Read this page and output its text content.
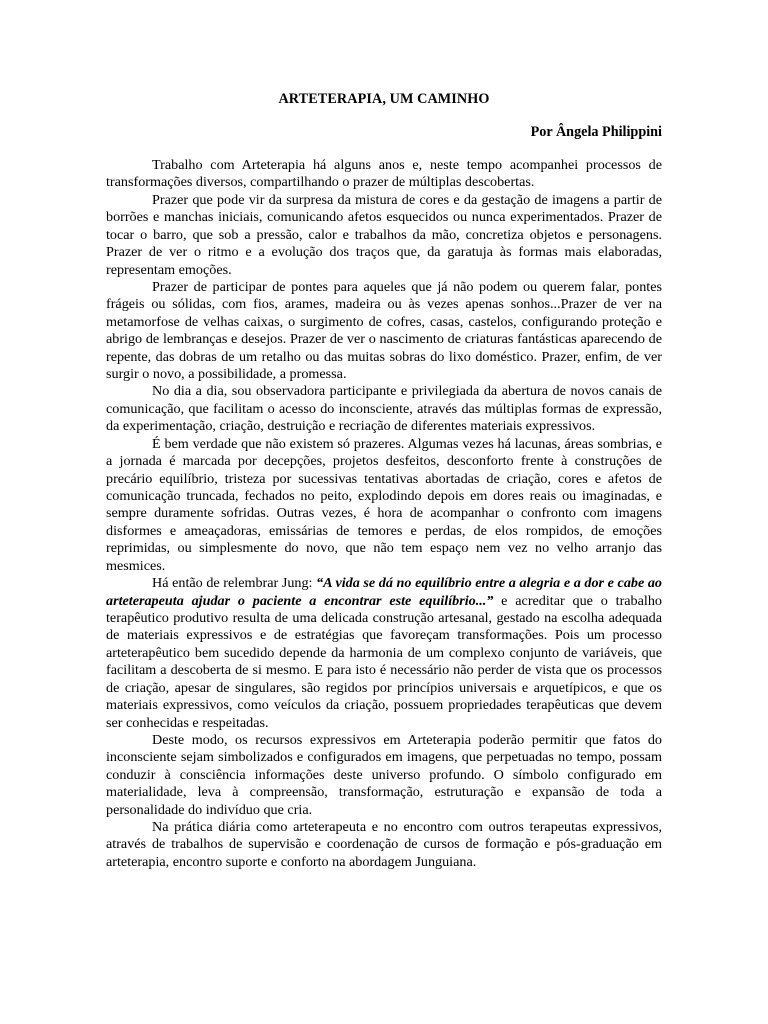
ARTETERAPIA, UM CAMINHO
Por Ângela Philippini

Trabalho com Arteterapia há alguns anos e, neste tempo acompanhei processos de transformações diversos, compartilhando o prazer de múltiplas descobertas.

Prazer que pode vir da surpresa da mistura de cores e da gestação de imagens a partir de borrões e manchas iniciais, comunicando afetos esquecidos ou nunca experimentados. Prazer de tocar o barro, que sob a pressão, calor e trabalhos da mão, concretiza objetos e personagens. Prazer de ver o ritmo e a evolução dos traços que, da garatuja às formas mais elaboradas, representam emoções.

Prazer de participar de pontes para aqueles que já não podem ou querem falar, pontes frágeis ou sólidas, com fios, arames, madeira ou às vezes apenas sonhos...Prazer de ver na metamorfose de velhas caixas, o surgimento de cofres, casas, castelos, configurando proteção e abrigo de lembranças e desejos. Prazer de ver o nascimento de criaturas fantásticas aparecendo de repente, das dobras de um retalho ou das muitas sobras do lixo doméstico. Prazer, enfim, de ver surgir o novo, a possibilidade, a promessa.

No dia a dia, sou observadora participante e privilegiada da abertura de novos canais de comunicação, que facilitam o acesso do inconsciente, através das múltiplas formas de expressão, da experimentação, criação, destruição e recriação de diferentes materiais expressivos.

É bem verdade que não existem só prazeres. Algumas vezes há lacunas, áreas sombrias, e a jornada é marcada por decepções, projetos desfeitos, desconforto frente à construções de precário equilíbrio, tristeza por sucessivas tentativas abortadas de criação, cores e afetos de comunicação truncada, fechados no peito, explodindo depois em dores reais ou imaginadas, e sempre duramente sofridas. Outras vezes, é hora de acompanhar o confronto com imagens disformes e ameaçadoras, emissárias de temores e perdas, de elos rompidos, de emoções reprimidas, ou simplesmente do novo, que não tem espaço nem vez no velho arranjo das mesmices.

Há então de relembrar Jung: “A vida se dá no equilíbrio entre a alegria e a dor e cabe ao arteterapeuta ajudar o paciente a encontrar este equilíbrio...” e acreditar que o trabalho terapêutico produtivo resulta de uma delicada construção artesanal, gestado na escolha adequada de materiais expressivos e de estratégias que favoreçam transformações. Pois um processo arteterapêutico bem sucedido depende da harmonia de um complexo conjunto de variáveis, que facilitam a descoberta de si mesmo. E para isto é necessário não perder de vista que os processos de criação, apesar de singulares, são regidos por princípios universais e arquetípicos, e que os materiais expressivos, como veículos da criação, possuem propriedades terapêuticas que devem ser conhecidas e respeitadas.

Deste modo, os recursos expressivos em Arteterapia poderão permitir que fatos do inconsciente sejam simbolizados e configurados em imagens, que perpetuadas no tempo, possam conduzir à consciência informações deste universo profundo. O símbolo configurado em materialidade, leva à compreensão, transformação, estruturação e expansão de toda a personalidade do indivíduo que cria.

Na prática diária como arteterapeuta e no encontro com outros terapeutas expressivos, através de trabalhos de supervisão e coordenação de cursos de formação e pós-graduação em arteterapia, encontro suporte e conforto na abordagem Junguiana.
